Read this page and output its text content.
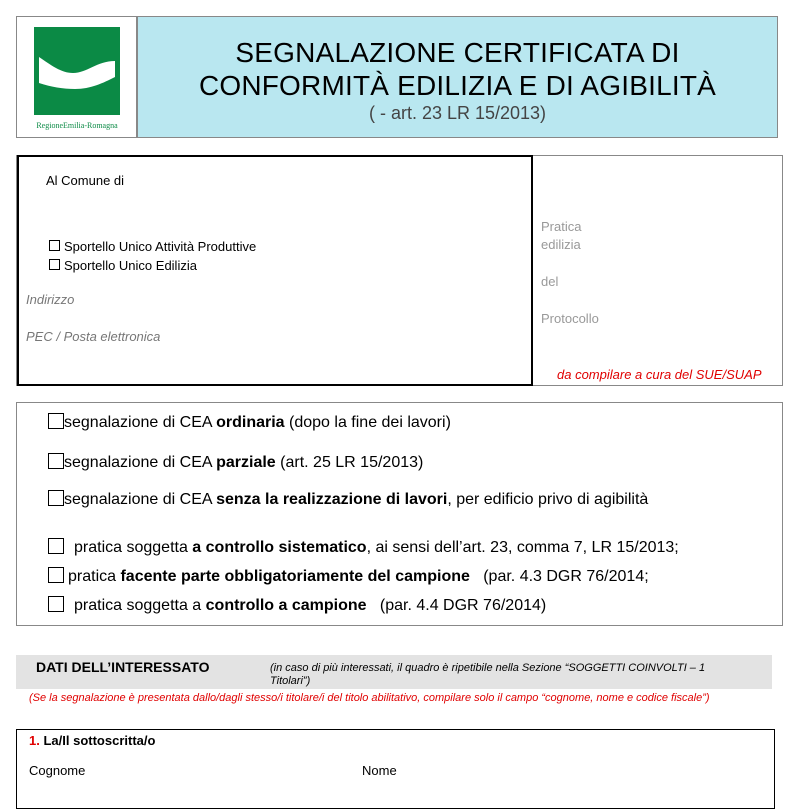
RegioneEmilia-Romagna
SEGNALAZIONE CERTIFICATA DI
CONFORMITÀ EDILIZIA E DI AGIBILITÀ
( - art. 23 LR 15/2013)
Al Comune di
Sportello Unico Attività Produttive
Sportello Unico Edilizia
Indirizzo
PEC / Posta elettronica
Pratica
edilizia
del
Protocollo
da compilare a cura del SUE/SUAP
segnalazione di CEA ordinaria (dopo la fine dei lavori)
segnalazione di CEA parziale (art. 25 LR 15/2013)
segnalazione di CEA senza la realizzazione di lavori, per edificio privo di agibilità
pratica soggetta a controllo sistematico, ai sensi dell’art. 23, comma 7, LR 15/2013;
pratica facente parte obbligatoriamente del campione   (par. 4.3 DGR 76/2014;
pratica soggetta a controllo a campione   (par. 4.4 DGR 76/2014)
DATI DELL’INTERESSATO	(in caso di più interessati, il quadro è ripetibile nella Sezione “SOGGETTI COINVOLTI – 1
Titolari”)
(Se la segnalazione è presentata dallo/dagli stesso/i titolare/i del titolo abilitativo, compilare solo il campo “cognome, nome e codice fiscale”)
1. La/Il sottoscritta/o
Cognome	Nome
